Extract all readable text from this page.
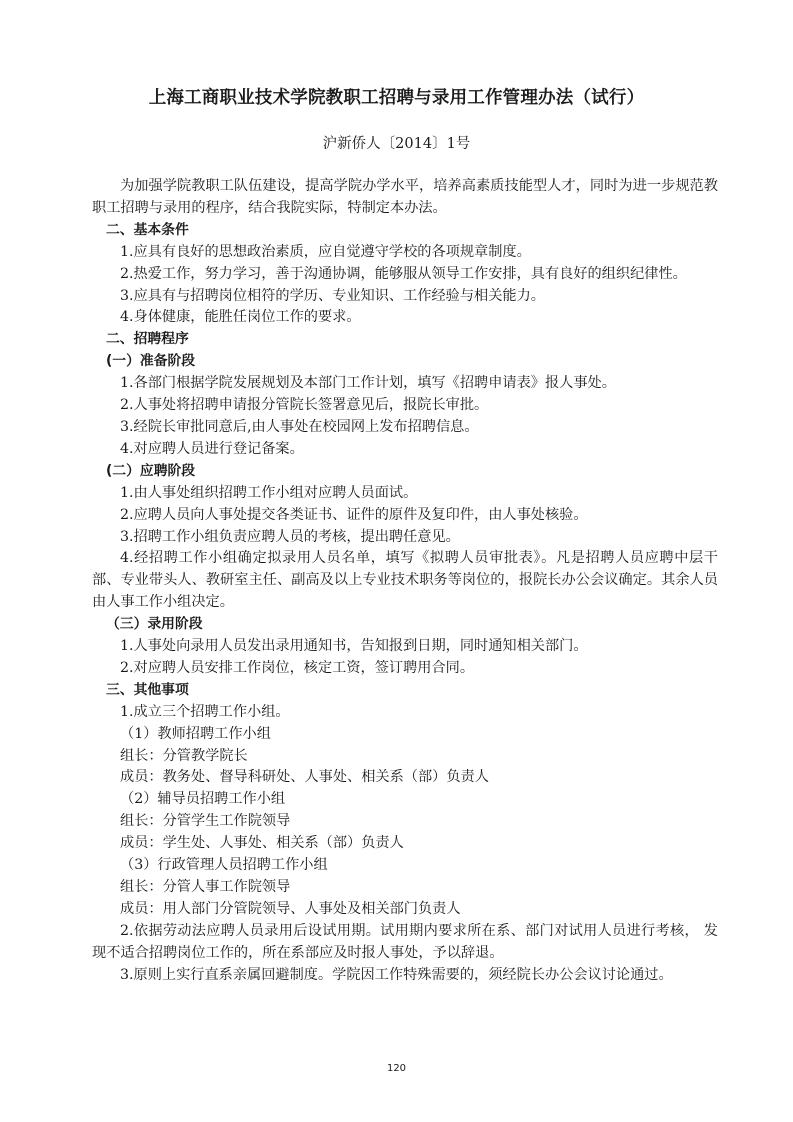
上海工商职业技术学院教职工招聘与录用工作管理办法（试行）
沪新侨人〔2014〕1号

为加强学院教职工队伍建设，提高学院办学水平，培养高素质技能型人才，同时为进一步规范教职工招聘与录用的程序，结合我院实际，特制定本办法。

二、基本条件

1.应具有良好的思想政治素质，应自觉遵守学校的各项规章制度。

2.热爱工作，努力学习，善于沟通协调，能够服从领导工作安排，具有良好的组织纪律性。

3.应具有与招聘岗位相符的学历、专业知识、工作经验与相关能力。

4.身体健康，能胜任岗位工作的要求。

二、招聘程序

(一）准备阶段

1.各部门根据学院发展规划及本部门工作计划，填写《招聘申请表》报人事处。

2.人事处将招聘申请报分管院长签署意见后，报院长审批。

3.经院长审批同意后,由人事处在校园网上发布招聘信息。

4.对应聘人员进行登记备案。

(二）应聘阶段

1.由人事处组织招聘工作小组对应聘人员面试。

2.应聘人员向人事处提交各类证书、证件的原件及复印件，由人事处核验。

3.招聘工作小组负责应聘人员的考核，提出聘任意见。

4.经招聘工作小组确定拟录用人员名单，填写《拟聘人员审批表》。凡是招聘人员应聘中层干部、专业带头人、教研室主任、副高及以上专业技术职务等岗位的，报院长办公会议确定。其余人员由人事工作小组决定。

（三）录用阶段

1.人事处向录用人员发出录用通知书，告知报到日期，同时通知相关部门。

2.对应聘人员安排工作岗位，核定工资，签订聘用合同。

三、其他事项

1.成立三个招聘工作小组。

（1）教师招聘工作小组

组长：分管教学院长

成员：教务处、督导科研处、人事处、相关系（部）负责人

（2）辅导员招聘工作小组

组长：分管学生工作院领导

成员：学生处、人事处、相关系（部）负责人

（3）行政管理人员招聘工作小组

组长：分管人事工作院领导

成员：用人部门分管院领导、人事处及相关部门负责人

2.依据劳动法应聘人员录用后设试用期。试用期内要求所在系、部门对试用人员进行考核， 发现不适合招聘岗位工作的，所在系部应及时报人事处，予以辞退。

3.原则上实行直系亲属回避制度。学院因工作特殊需要的，须经院长办公会议讨论通过。

120
